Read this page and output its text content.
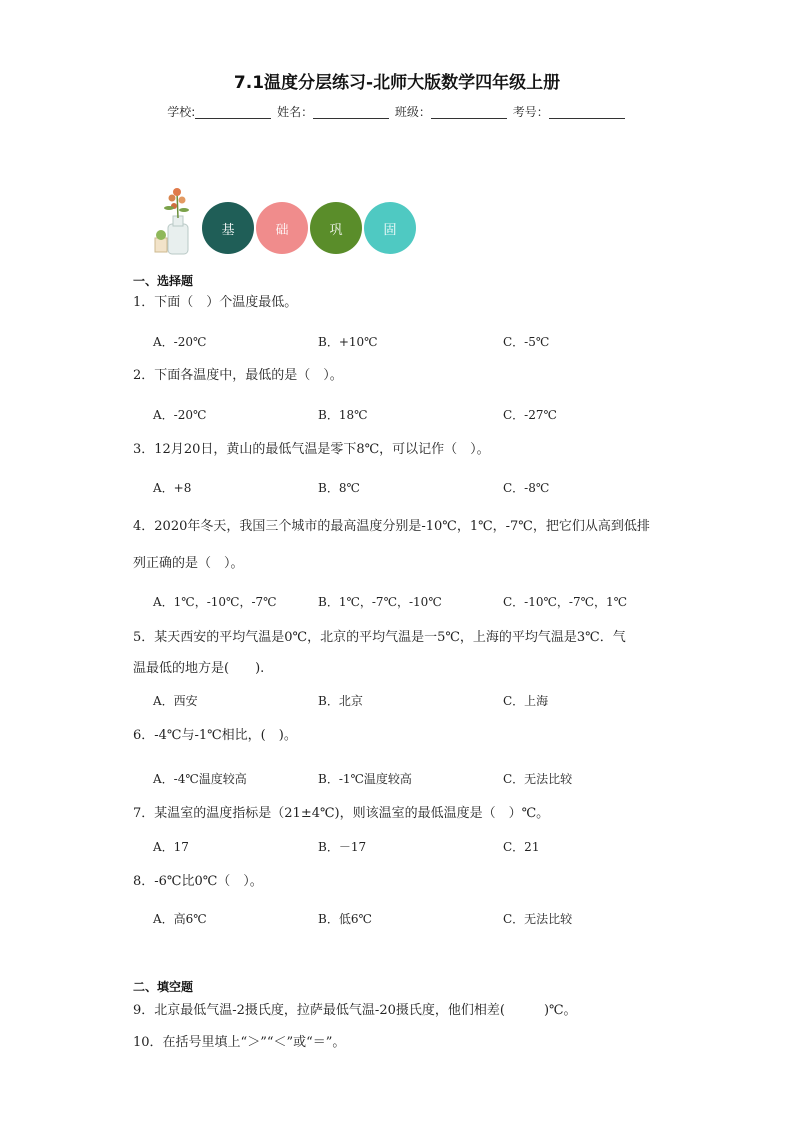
7.1温度分层练习-北师大版数学四年级上册
学校:	姓名：	班级：	考号：
基	础	巩	固
一、选择题
1．下面（　）个温度最低。
A．-20℃	B．+10℃	C．-5℃
2．下面各温度中，最低的是（　）。
A．-20℃	B．18℃	C．-27℃
3．12月20日，黄山的最低气温是零下8℃，可以记作（　）。
A．+8	B．8℃	C．-8℃
4．2020年冬天，我国三个城市的最高温度分别是-10℃，1℃，-7℃，把它们从高到低排
列正确的是（　）。
A．1℃，-10℃，-7℃	B．1℃，-7℃，-10℃	C．-10℃，-7℃，1℃
5．某天西安的平均气温是0℃，北京的平均气温是一5℃，上海的平均气温是3℃．气
温最低的地方是(　　).
A．西安	B．北京	C．上海
6．-4℃与-1℃相比，(　)。
A．-4℃温度较高	B．-1℃温度较高	C．无法比较
7．某温室的温度指标是（21±4℃)，则该温室的最低温度是（　）℃。
A．17	B．－17	C．21
8．-6℃比0℃（　）。
A．高6℃	B．低6℃	C．无法比较
二、填空题
9．北京最低气温-2摄氏度，拉萨最低气温-20摄氏度，他们相差(　　　)℃。
10．在括号里填上“＞”“＜”或“＝”。
